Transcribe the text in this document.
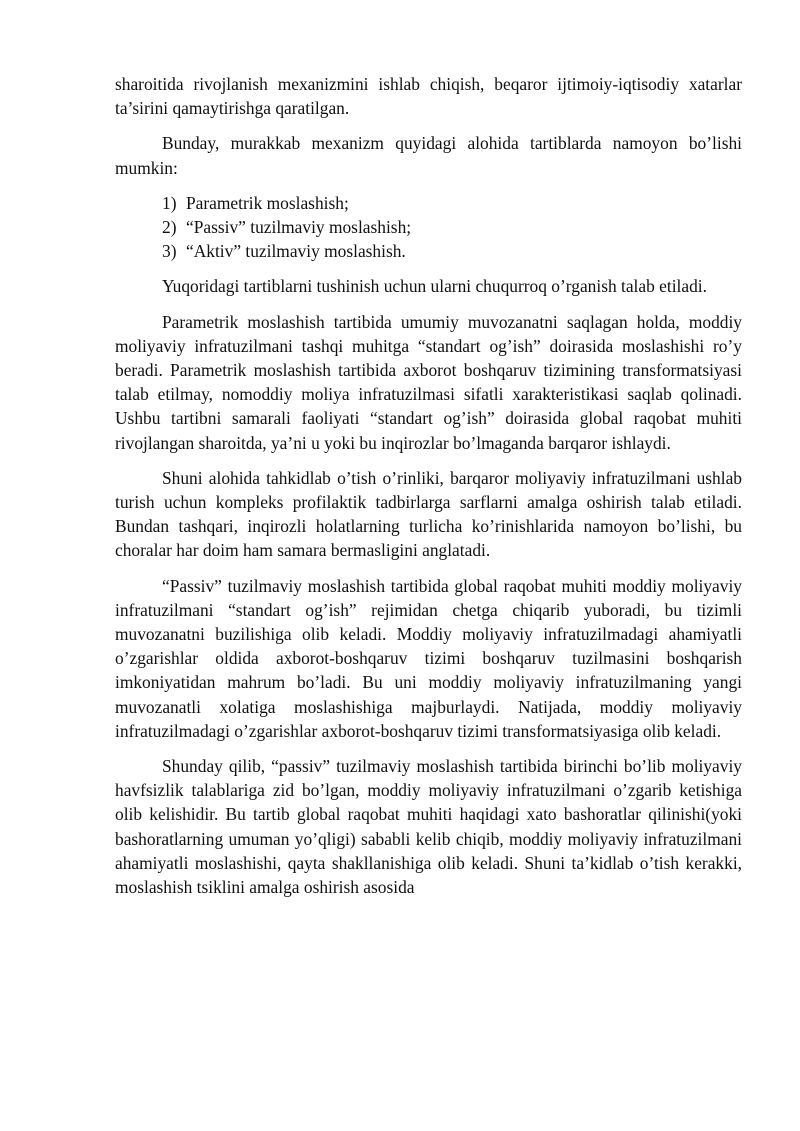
sharoitida rivojlanish mexanizmini ishlab chiqish, beqaror ijtimoiy-iqtisodiy xatarlar ta’sirini qamaytirishga qaratilgan.

Bunday, murakkab mexanizm quyidagi alohida tartiblarda namoyon bo’lishi mumkin:

1) Parametrik moslashish;
2) “Passiv” tuzilmaviy moslashish;
3) “Aktiv” tuzilmaviy moslashish.

Yuqoridagi tartiblarni tushinish uchun ularni chuqurroq o’rganish talab etiladi.

Parametrik moslashish tartibida umumiy muvozanatni saqlagan holda, moddiy moliyaviy infratuzilmani tashqi muhitga “standart og’ish” doirasida moslashishi ro’y beradi. Parametrik moslashish tartibida axborot boshqaruv tizimining transformatsiyasi talab etilmay, nomoddiy moliya infratuzilmasi sifatli xarakteristikasi saqlab qolinadi. Ushbu tartibni samarali faoliyati “standart og’ish” doirasida global raqobat muhiti rivojlangan sharoitda, ya’ni u yoki bu inqirozlar bo’lmaganda barqaror ishlaydi.

Shuni alohida tahkidlab o’tish o’rinliki, barqaror moliyaviy infratuzilmani ushlab turish uchun kompleks profilaktik tadbirlarga sarflarni amalga oshirish talab etiladi. Bundan tashqari, inqirozli holatlarning turlicha ko’rinishlarida namoyon bo’lishi, bu choralar har doim ham samara bermasligini anglatadi.

“Passiv” tuzilmaviy moslashish tartibida global raqobat muhiti moddiy moliyaviy infratuzilmani “standart og’ish” rejimidan chetga chiqarib yuboradi, bu tizimli muvozanatni buzilishiga olib keladi. Moddiy moliyaviy infratuzilmadagi ahamiyatli o’zgarishlar oldida axborot-boshqaruv tizimi boshqaruv tuzilmasini boshqarish imkoniyatidan mahrum bo’ladi. Bu uni moddiy moliyaviy infratuzilmaning yangi muvozanatli xolatiga moslashishiga majburlaydi. Natijada, moddiy moliyaviy infratuzilmadagi o’zgarishlar axborot-boshqaruv tizimi transformatsiyasiga olib keladi.

Shunday qilib, “passiv” tuzilmaviy moslashish tartibida birinchi bo’lib moliyaviy havfsizlik talablariga zid bo’lgan, moddiy moliyaviy infratuzilmani o’zgarib ketishiga olib kelishidir. Bu tartib global raqobat muhiti haqidagi xato bashoratlar qilinishi(yoki bashoratlarning umuman yo’qligi) sababli kelib chiqib, moddiy moliyaviy infratuzilmani ahamiyatli moslashishi, qayta shakllanishiga olib keladi. Shuni ta’kidlab o’tish kerakki, moslashish tsiklini amalga oshirish asosida
